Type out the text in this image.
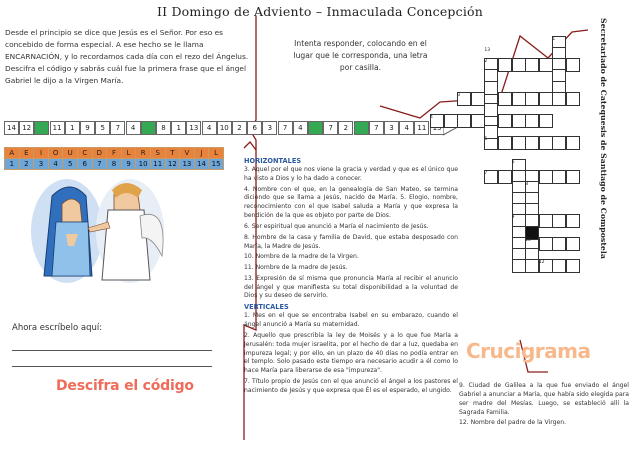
II Domingo de Adviento – Inmaculada Concepción
Desde el principio se dice que Jesús es el Señor. Por eso es concebido de forma especial. A ese hecho se le llama ENCARNACIÓN, y lo recordamos cada día con el rezo del Ángelus. Descifra el código y sabrás cuál fue la primera frase que el ángel Gabriel le dijo a la Virgen María.
Intenta responder, colocando en el lugar que le corresponda, una letra por casilla.	Secretariado de Catequesis de Santiago de Compostela
14 12	11	1	9	5	7	4	8	1	13	4	10	2	6	3	7	4	7	2	7	3	4	11
A	E	I	O	U	C	D	F	L	R	S	T	V	J	L
1	2	3	4	5	6	7	8	9	10	11	12	13	14	15
Ahora escríbelo aquí:
Descifra el código
HORIZONTALES

3. Aquel por el que nos viene la gracia y verdad y que es el único que ha visto a Dios y lo ha dado a conocer.

4. Nombre con el que, en la genealogía de San Mateo, se termina diciendo que se llama a Jesús, nacido de María. 5. Elogio, nombre, reconocimiento con el que Isabel saluda a María y que expresa la bendición de la que es objeto por parte de Dios.

6. Ser espiritual que anunció a María el nacimiento de Jesús.

8. Hombre de la casa y familia de David, que estaba desposado con María, la Madre de Jesús.

10. Nombre de la madre de la Virgen.

11. Nombre de la madre de Jesús.

13. Expresión de sí misma que pronuncia María al recibir el anuncio del ángel y que manifiesta su total disponibilidad a la voluntad de Dios y su deseo de servirlo.

VERTICALES

1. Mes en el que se encontraba Isabel en su embarazo, cuando el ángel anunció a María su maternidad.

2. Aquello que prescribía la ley de Moisés y a lo que fue María a Jerusalén: toda mujer israelita, por el hecho de dar a luz, quedaba en impureza legal; y por ello, en un plazo de 40 días no podía entrar en el templo. Solo pasado este tiempo era necesario acudir a él como lo hace María para liberarse de esa "impureza".

7. Título propio de Jesús con el que anunció el ángel a los pastores el nacimiento de Jesús y que expresa que Él es el esperado, el ungido.

Crucigrama

9. Ciudad de Galilea a la que fue enviado el ángel Gabriel a anunciar a María, que había sido elegida para ser madre del Mesías. Luego, se estableció allí la Sagrada Familia.

12. Nombre del padre de la Virgen.

1
2
3
4
5
6
7
8
9
10
12
13
